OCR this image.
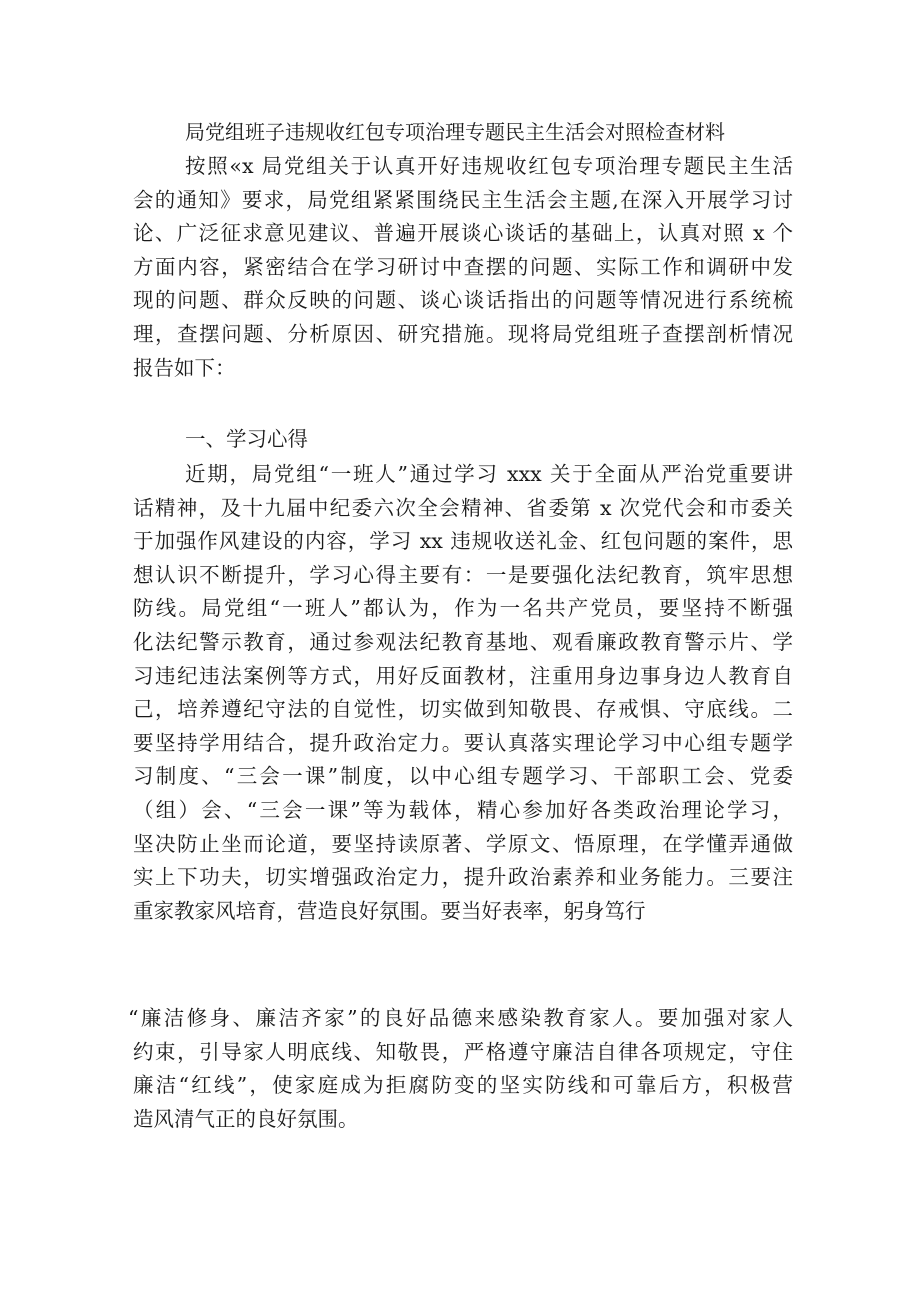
局党组班子违规收红包专项治理专题民主生活会对照检查材料
按照«x 局党组关于认真开好违规收红包专项治理专题民主生活
会的通知》要求，局党组紧紧围绕民主生活会主题,在深入开展学习讨
论、广泛征求意见建议、普遍开展谈心谈话的基础上，认真对照 x 个
方面内容，紧密结合在学习研讨中查摆的问题、实际工作和调研中发
现的问题、群众反映的问题、谈心谈话指出的问题等情况进行系统梳
理，查摆问题、分析原因、研究措施。现将局党组班子查摆剖析情况
报告如下：
一、学习心得
近期，局党组“一班人”通过学习 xxx 关于全面从严治党重要讲
话精神，及十九届中纪委六次全会精神、省委第 x 次党代会和市委关
于加强作风建设的内容，学习 xx 违规收送礼金、红包问题的案件，思
想认识不断提升，学习心得主要有：一是要强化法纪教育，筑牢思想
防线。局党组“一班人”都认为，作为一名共产党员，要坚持不断强
化法纪警示教育，通过参观法纪教育基地、观看廉政教育警示片、学
习违纪违法案例等方式，用好反面教材，注重用身边事身边人教育自
己，培养遵纪守法的自觉性，切实做到知敬畏、存戒惧、守底线。二
要坚持学用结合，提升政治定力。要认真落实理论学习中心组专题学
习制度、“三会一课”制度，以中心组专题学习、干部职工会、党委
（组）会、“三会一课”等为载体，精心参加好各类政治理论学习，
坚决防止坐而论道，要坚持读原著、学原文、悟原理，在学懂弄通做
实上下功夫，切实增强政治定力，提升政治素养和业务能力。三要注
重家教家风培育，营造良好氛围。要当好表率，躬身笃行
“廉洁修身、廉洁齐家”的良好品德来感染教育家人。要加强对家人
约束，引导家人明底线、知敬畏，严格遵守廉洁自律各项规定，守住
廉洁“红线”，使家庭成为拒腐防变的坚实防线和可靠后方，积极营
造风清气正的良好氛围。
